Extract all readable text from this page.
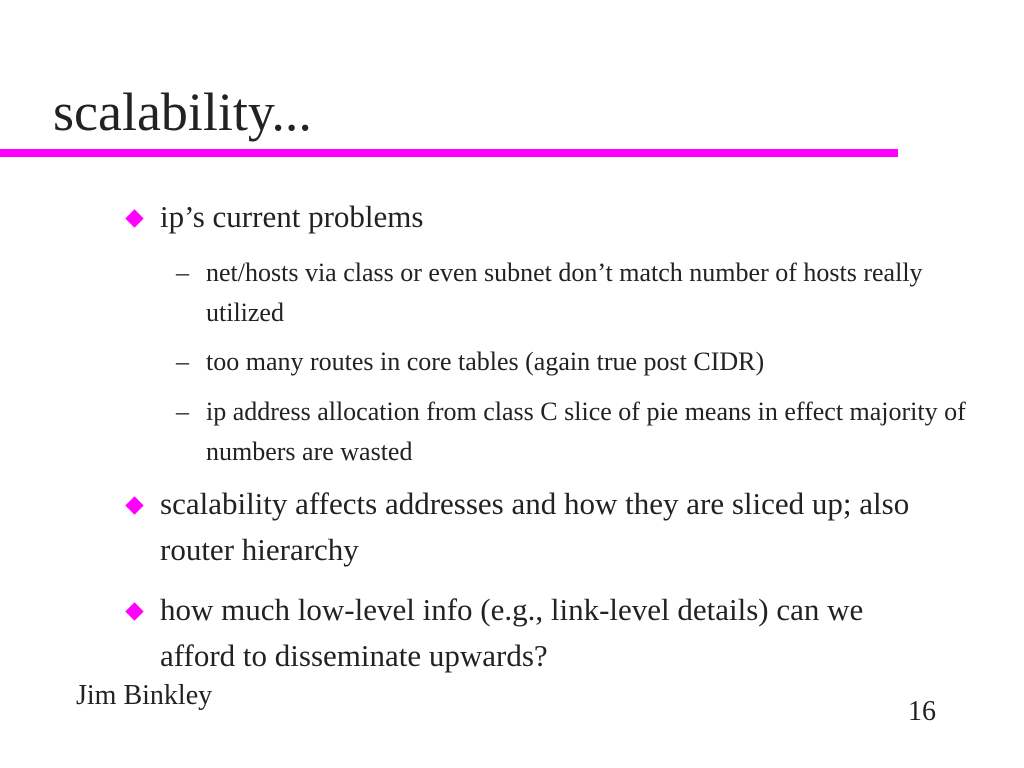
scalability...
ip’s current problems
– net/hosts via class or even subnet don’t match number of hosts really utilized
– too many routes in core tables (again true post CIDR)
– ip address allocation from class C slice of pie means in effect majority of numbers are wasted
scalability affects addresses and how they are sliced up; also router hierarchy
how much low-level info (e.g., link-level details) can we afford to disseminate upwards?
Jim Binkley
16
